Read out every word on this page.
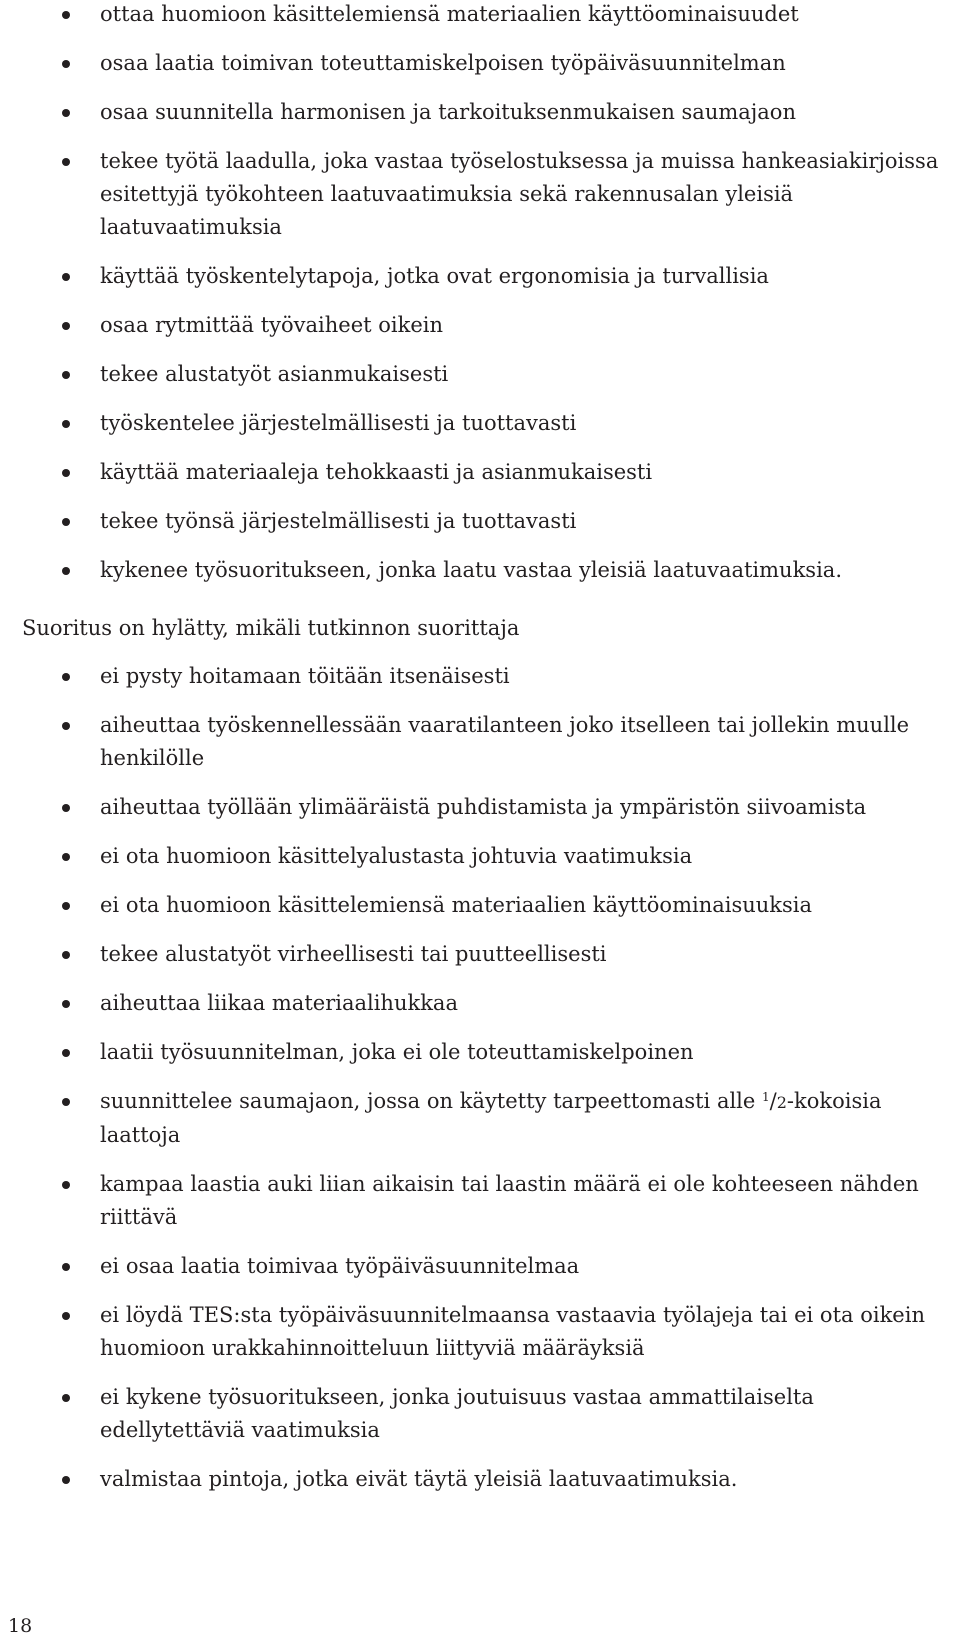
ottaa huomioon käsittelemiensä materiaalien käyttöominaisuudet
osaa laatia toimivan toteuttamiskelpoisen työpäiväsuunnitelman
osaa suunnitella harmonisen ja tarkoituksenmukaisen saumajaon
tekee työtä laadulla, joka vastaa työselostuksessa ja muissa hankeasiakirjoissa esitettyjä työkohteen laatuvaatimuksia sekä rakennusalan yleisiä laatuvaatimuksia
käyttää työskentelytapoja, jotka ovat ergonomisia ja turvallisia
osaa rytmittää työvaiheet oikein
tekee alustatyöt asianmukaisesti
työskentelee järjestelmällisesti ja tuottavasti
käyttää materiaaleja tehokkaasti ja asianmukaisesti
tekee työnsä järjestelmällisesti ja tuottavasti
kykenee työsuoritukseen, jonka laatu vastaa yleisiä laatuvaatimuksia.

Suoritus on hylätty, mikäli tutkinnon suorittaja

ei pysty hoitamaan töitään itsenäisesti
aiheuttaa työskennellessään vaaratilanteen joko itselleen tai jollekin muulle henkilölle
aiheuttaa työllään ylimääräistä puhdistamista ja ympäristön siivoamista
ei ota huomioon käsittelyalustasta johtuvia vaatimuksia
ei ota huomioon käsittelemiensä materiaalien käyttöominaisuuksia
tekee alustatyöt virheellisesti tai puutteellisesti
aiheuttaa liikaa materiaalihukkaa
laatii työsuunnitelman, joka ei ole toteuttamiskelpoinen
suunnittelee saumajaon, jossa on käytetty tarpeettomasti alle $^1$/2-kokoisia laattoja
kampaa laastia auki liian aikaisin tai laastin määrä ei ole kohteeseen nähden riittävä
ei osaa laatia toimivaa työpäiväsuunnitelmaa
ei löydä TES:sta työpäiväsuunnitelmaansa vastaavia työlajeja tai ei ota oikein huomioon urakkahinnoitteluun liittyviä määräyksiä
ei kykene työsuoritukseen, jonka joutuisuus vastaa ammattilaiselta edellytettäviä vaatimuksia
valmistaa pintoja, jotka eivät täytä yleisiä laatuvaatimuksia.

18
